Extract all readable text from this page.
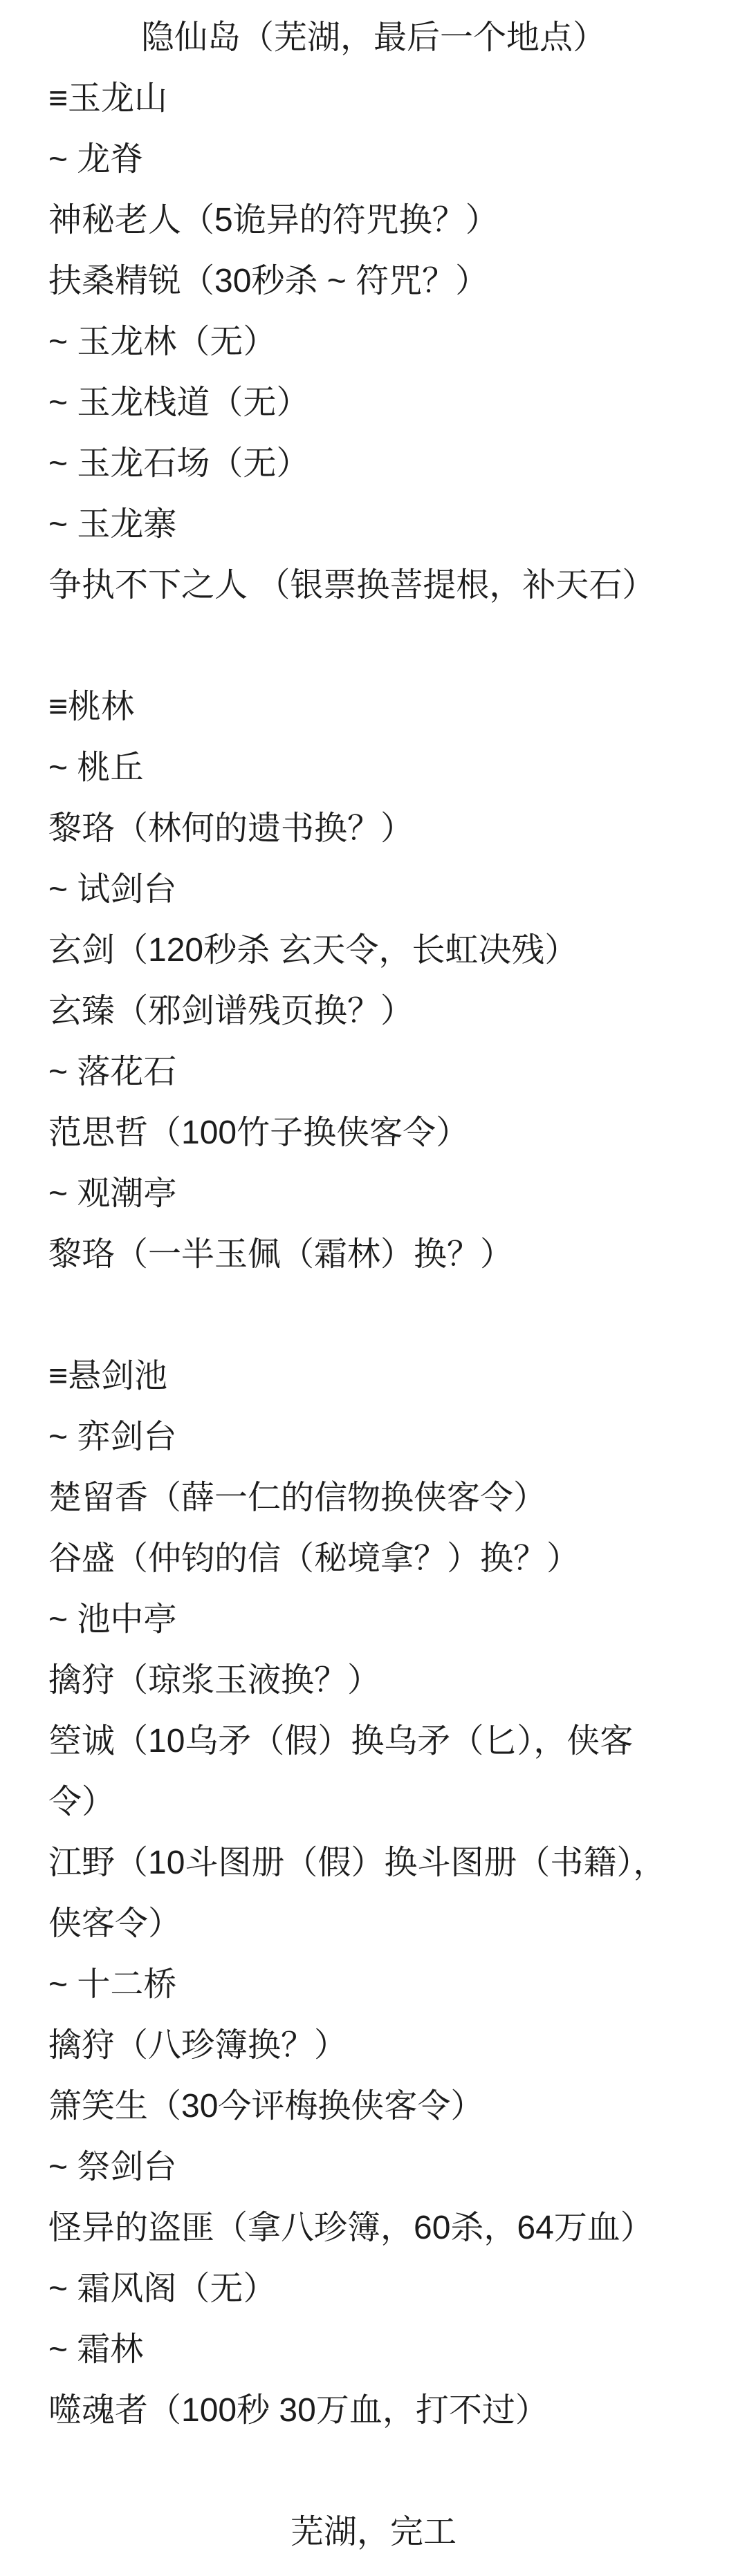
隐仙岛（芜湖，最后一个地点）
≡玉龙山
~ 龙脊
神秘老人（5诡异的符咒换？）
扶桑精锐（30秒杀 ~ 符咒？）
~ 玉龙林（无）
~ 玉龙栈道（无）
~ 玉龙石场（无）
~ 玉龙寨
争执不下之人 （银票换菩提根，补天石）
≡桃林
~ 桃丘
黎珞（林何的遗书换？）
~ 试剑台
玄剑（120秒杀 玄天令，长虹决残）
玄臻（邪剑谱残页换？）
~ 落花石
范思哲（100竹子换侠客令）
~ 观潮亭
黎珞（一半玉佩（霜林）换？）
≡悬剑池
~ 弈剑台
楚留香（薛一仁的信物换侠客令）
谷盛（仲钧的信（秘境拿？）换？）
~ 池中亭
擒狩（琼浆玉液换？）
箜诚（10乌矛（假）换乌矛（匕），侠客
令）
江野（10斗图册（假）换斗图册（书籍），
侠客令）
~ 十二桥
擒狩（八珍簿换？）
箫笑生（30今评梅换侠客令）
~ 祭剑台
怪异的盗匪（拿八珍簿，60杀，64万血）
~ 霜风阁（无）
~ 霜林
噬魂者（100秒 30万血，打不过）
芜湖，完工
